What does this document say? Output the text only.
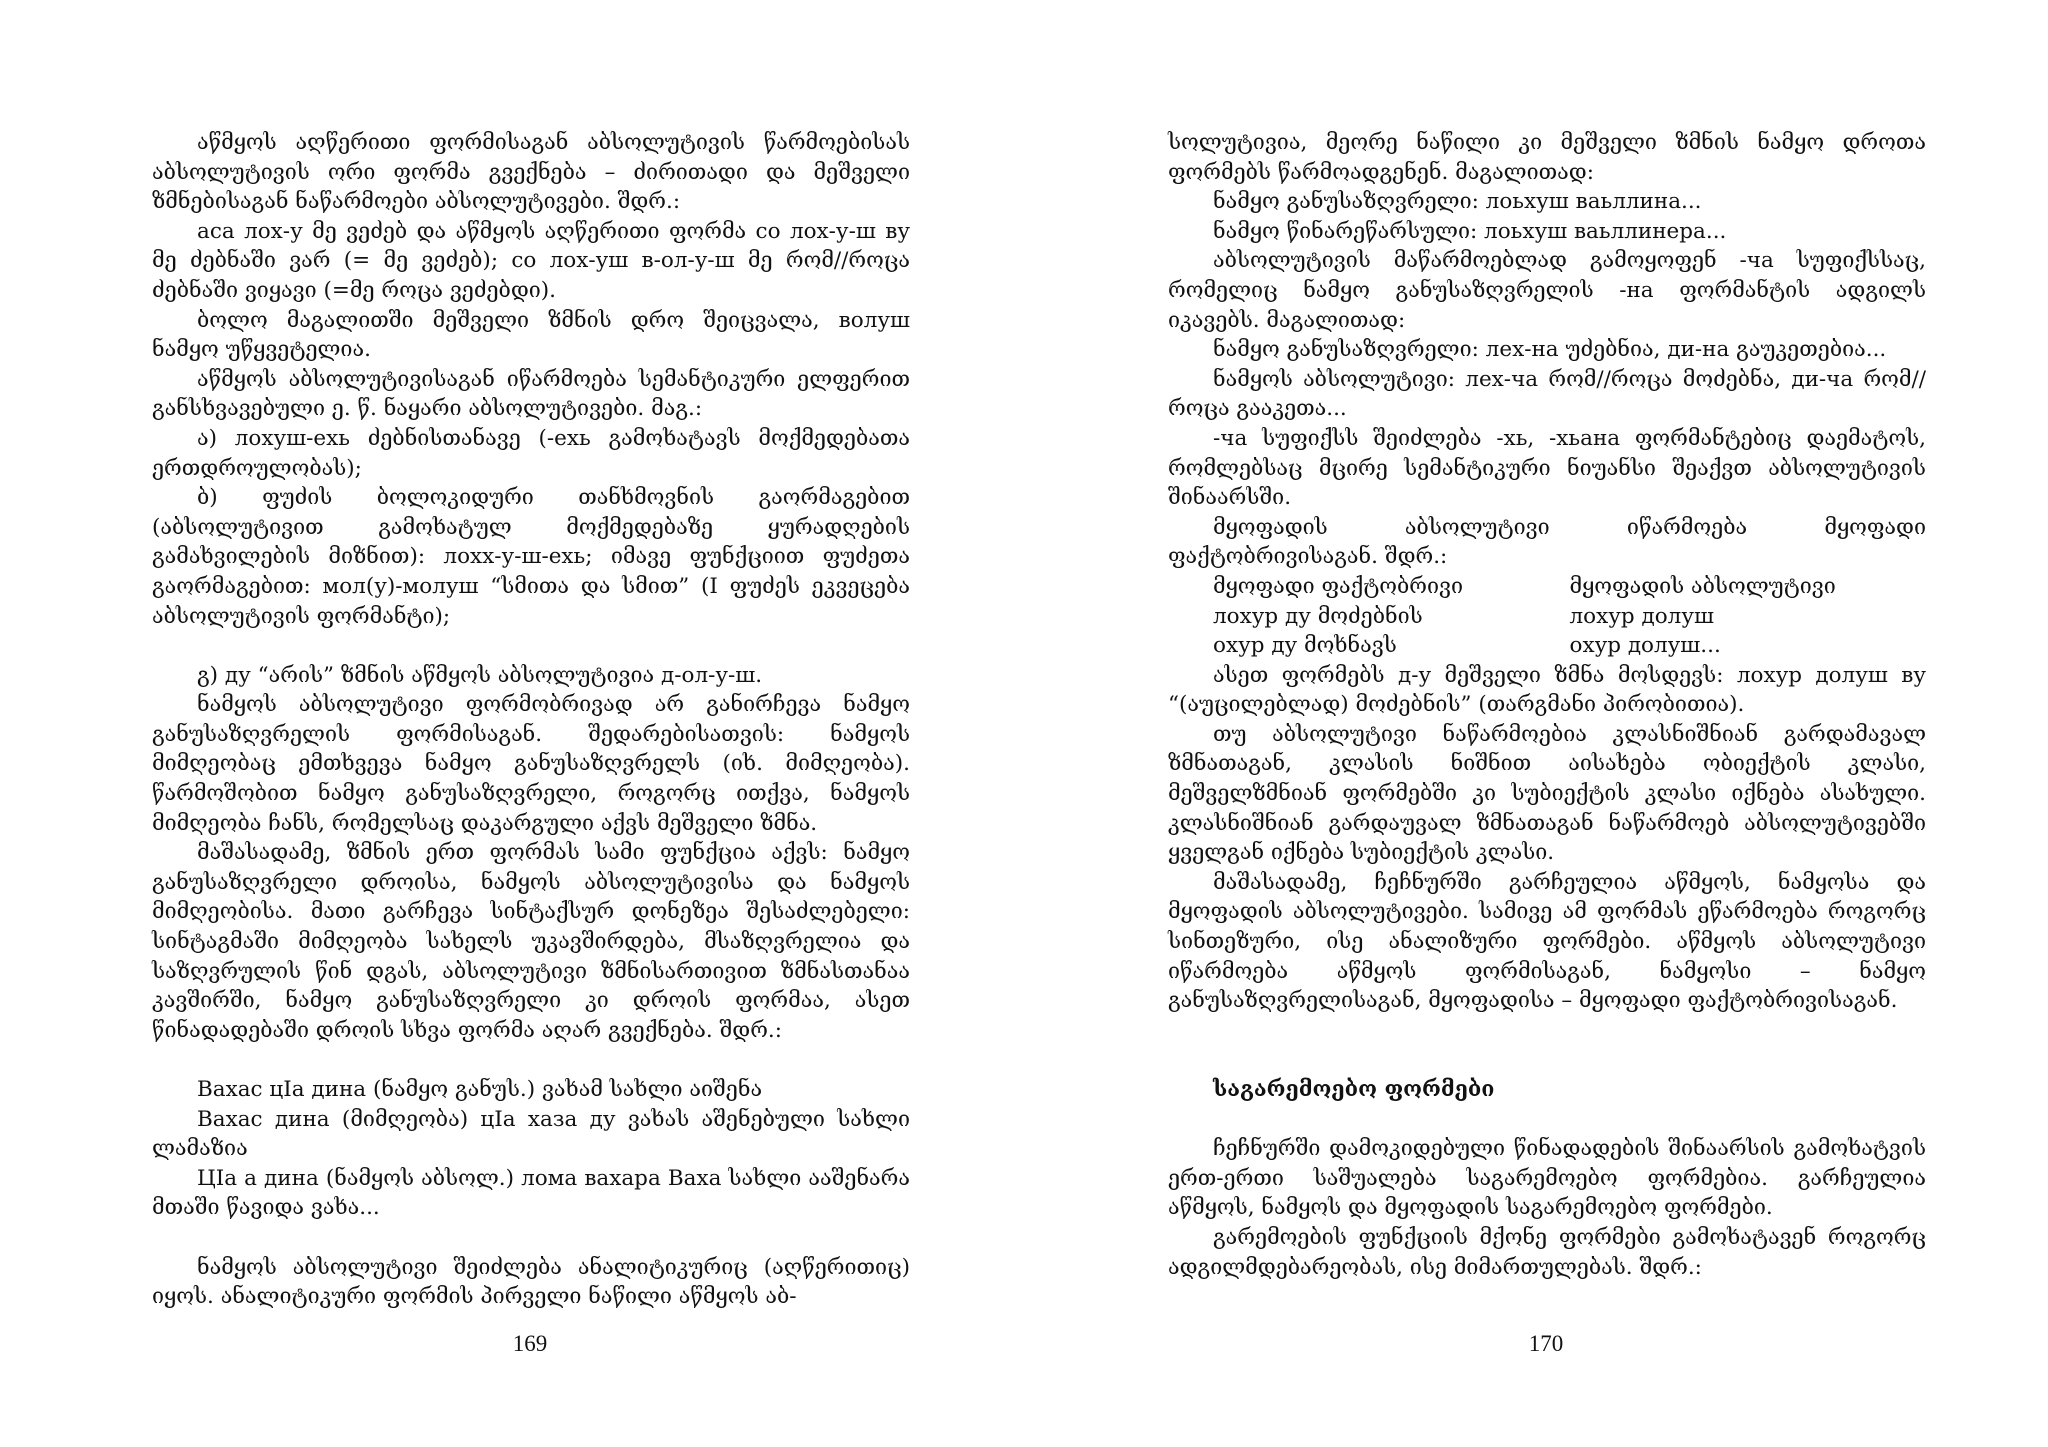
აწმყოს აღწერითი ფორმისაგან აბსოლუტივის წარმოებისას აბსოლუტივის ორი ფორმა გვექნება – ძირითადი და მეშველი ზმნებისაგან ნაწარმოები აბსოლუტივები. შდრ.:

аса лох-у მე ვეძებ და აწმყოს აღწერითი ფორმა со лох-у-ш ву მე ძებნაში ვარ (= მე ვეძებ); со лох-уш в-ол-у-ш მე რომ//როცა ძებნაში ვიყავი (=მე როცა ვეძებდი).

ბოლო მაგალითში მეშველი ზმნის დრო შეიცვალა, волуш ნამყო უწყვეტელია.

აწმყოს აბსოლუტივისაგან იწარმოება სემანტიკური ელფერით განსხვავებული ე. წ. ნაყარი აბსოლუტივები. მაგ.:

ა) лохуш-ехь ძებნისთანავე (-ехь გამოხატავს მოქმედებათა ერთდროულობას);

ბ) ფუძის ბოლოკიდური თანხმოვნის გაორმაგებით (აბსოლუტივით გამოხატულ მოქმედებაზე ყურადღების გამახვილების მიზნით): лохх-у-ш-ехь; იმავე ფუნქციით ფუძეთა გაორმაგებით: мол(у)-молуш “სმითა და სმით” (I ფუძეს ეკვეცება აბსოლუტივის ფორმანტი);

გ) ду “არის” ზმნის აწმყოს აბსოლუტივია д-ол-у-ш.

ნამყოს აბსოლუტივი ფორმობრივად არ განირჩევა ნამყო განუსაზღვრელის ფორმისაგან. შედარებისათვის: ნამყოს მიმღეობაც ემთხვევა ნამყო განუსაზღვრელს (იხ. მიმღეობა). წარმოშობით ნამყო განუსაზღვრელი, როგორც ითქვა, ნამყოს მიმღეობა ჩანს, რომელსაც დაკარგული აქვს მეშველი ზმნა.

მაშასადამე, ზმნის ერთ ფორმას სამი ფუნქცია აქვს: ნამყო განუსაზღვრელი დროისა, ნამყოს აბსოლუტივისა და ნამყოს მიმღეობისა. მათი გარჩევა სინტაქსურ დონეზეა შესაძლებელი: სინტაგმაში მიმღეობა სახელს უკავშირდება, მსაზღვრელია და საზღვრულის წინ დგას, აბსოლუტივი ზმნისართივით ზმნასთანაა კავშირში, ნამყო განუსაზღვრელი კი დროის ფორმაა, ასეთ წინადადებაში დროის სხვა ფორმა აღარ გვექნება. შდრ.:

Вахас цIа дина (ნამყო განუს.) ვახამ სახლი აიშენა

Вахас дина (მიმღეობა) цIа хаза ду ვახას აშენებული სახლი ლამაზია

ЦIа а дина (ნამყოს აბსოლ.) лома вахара Ваха სახლი ააშენარა მთაში წავიდა ვახა...

ნამყოს აბსოლუტივი შეიძლება ანალიტიკურიც (აღწერითიც) იყოს. ანალიტიკური ფორმის პირველი ნაწილი აწმყოს აბ-

169

სოლუტივია, მეორე ნაწილი კი მეშველი ზმნის ნამყო დროთა ფორმებს წარმოადგენენ. მაგალითად:

ნამყო განუსაზღვრელი: лоьхуш ваьллина...

ნამყო წინარეწარსული: лоьхуш ваьллинера...

აბსოლუტივის მაწარმოებლად გამოყოფენ -ча სუფიქსსაც, რომელიც ნამყო განუსაზღვრელის -на ფორმანტის ადგილს იკავებს. მაგალითად:

ნამყო განუსაზღვრელი: лех-на უძებნია, ди-на გაუკეთებია...

ნამყოს აბსოლუტივი: лех-ча რომ//როცა მოძებნა, ди-ча რომ//როცა გააკეთა...

-ча სუფიქსს შეიძლება -хь, -хьана ფორმანტებიც დაემატოს, რომლებსაც მცირე სემანტიკური ნიუანსი შეაქვთ აბსოლუტივის შინაარსში.

მყოფადის აბსოლუტივი იწარმოება მყოფადი ფაქტობრივისაგან. შდრ.:

მყოფადი ფაქტობრივი
лохур ду მოძებნის
охур ду მოხნავს
მყოფადის აბსოლუტივი
лохур долуш
охур долуш...

ასეთ ფორმებს д-у მეშველი ზმნა მოსდევს: лохур долуш ву “(აუცილებლად) მოძებნის” (თარგმანი პირობითია).

თუ აბსოლუტივი ნაწარმოებია კლასნიშნიან გარდამავალ ზმნათაგან, კლასის ნიშნით აისახება ობიექტის კლასი, მეშველზმნიან ფორმებში კი სუბიექტის კლასი იქნება ასახული. კლასნიშნიან გარდაუვალ ზმნათაგან ნაწარმოებ აბსოლუტივებში ყველგან იქნება სუბიექტის კლასი.

მაშასადამე, ჩეჩნურში გარჩეულია აწმყოს, ნამყოსა და მყოფადის აბსოლუტივები. სამივე ამ ფორმას ეწარმოება როგორც სინთეზური, ისე ანალიზური ფორმები. აწმყოს აბსოლუტივი იწარმოება აწმყოს ფორმისაგან, ნამყოსი – ნამყო განუსაზღვრელისაგან, მყოფადისა – მყოფადი ფაქტობრივისაგან.

საგარემოებო ფორმები

ჩეჩნურში დამოკიდებული წინადადების შინაარსის გამოხატვის ერთ-ერთი საშუალება საგარემოებო ფორმებია. გარჩეულია აწმყოს, ნამყოს და მყოფადის საგარემოებო ფორმები.

გარემოების ფუნქციის მქონე ფორმები გამოხატავენ როგორც ადგილმდებარეობას, ისე მიმართულებას. შდრ.:

170
